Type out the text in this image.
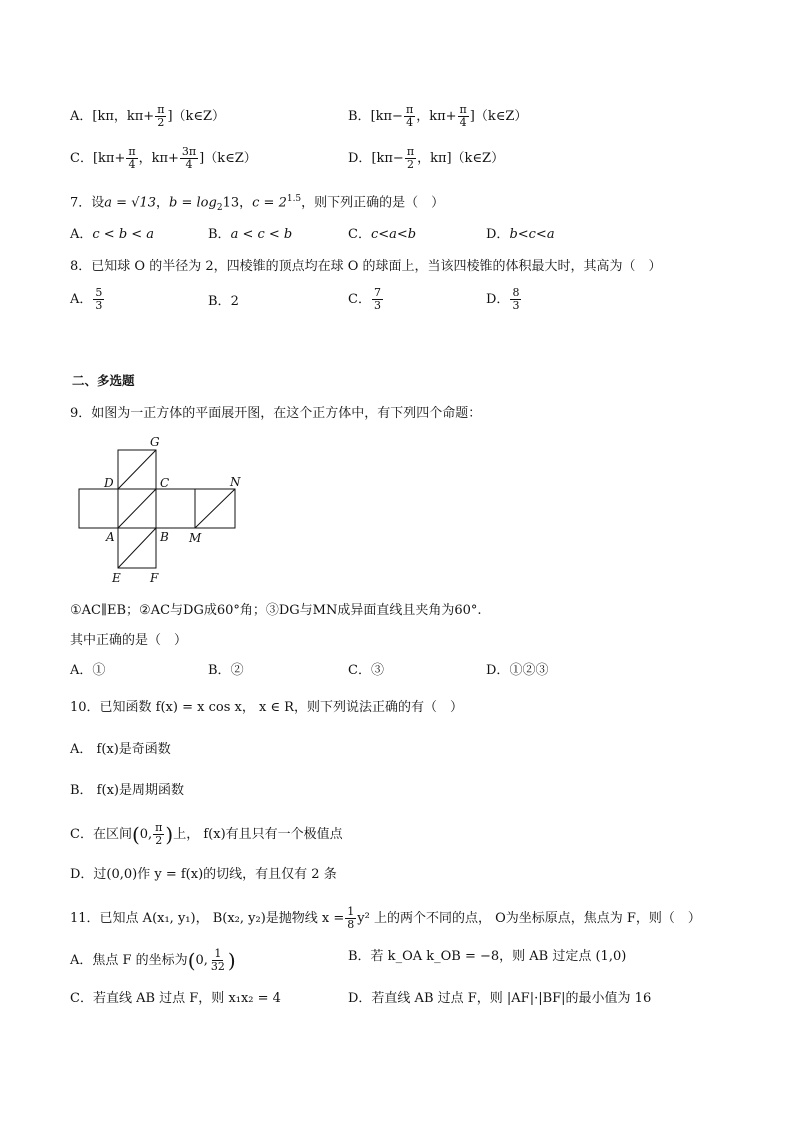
A．[kπ，$k\pi+ \frac{\pi}{2}$ ]（k∈Z）	B．[$k\pi- \frac{\pi}{4}$ ，$k\pi+ \frac{\pi}{4}$ ]（k∈Z）
C．[$k\pi+ \frac{\pi}{4}$ ，$k\pi+ \frac{3\pi}{4}$ ]（k∈Z）	D．[$k\pi- \frac{\pi}{2}$ ，kπ]（k∈Z）
7．设a = √13，$b = \log_213$，$c = 2^{1.5}$，则下列正确的是（　）
A．c < b < a	B．a < c < b	C．c<a<b	D．b<c<a
8．已知球 O 的半径为 2，四棱锥的顶点均在球 O 的球面上，当该四棱锥的体积最大时，其高为（　）
A． $\frac{5}{3}$	B．2	C． $\frac{7}{3}$	D． $\frac{8}{3}$
二、多选题
9．如图为一正方体的平面展开图，在这个正方体中，有下列四个命题：
G
D	C	N
A	B M
E F
①AC∥EB；②AC与DG成60°角；③DG与MN成异面直线且夹角为60°.
其中正确的是（　）
A．①	B．②	C．③	D．①②③
10．已知函数 f(x) = x cos x， x ∈ R，则下列说法正确的有（　）
A． f(x)是奇函数
B． f(x)是周期函数
C．在区间(0, $\frac{\pi}{2}$ )上， f(x)有且只有一个极值点
D．过(0,0)作 y = f(x)的切线，有且仅有 2 条
11．已知点 A(x₁, y₁)， B(x₂, y₂)是抛物线 $x = \frac{1}{8} y^2$ 上的两个不同的点， O为坐标原点，焦点为 F，则（　）
A．焦点 F 的坐标为(0, $\frac{1}{32}$ )	B．若 k_OA k_OB = −8，则 AB 过定点 (1,0)
C．若直线 AB 过点 F，则 x₁x₂ = 4	D．若直线 AB 过点 F，则 |AF|·|BF|的最小值为 16
